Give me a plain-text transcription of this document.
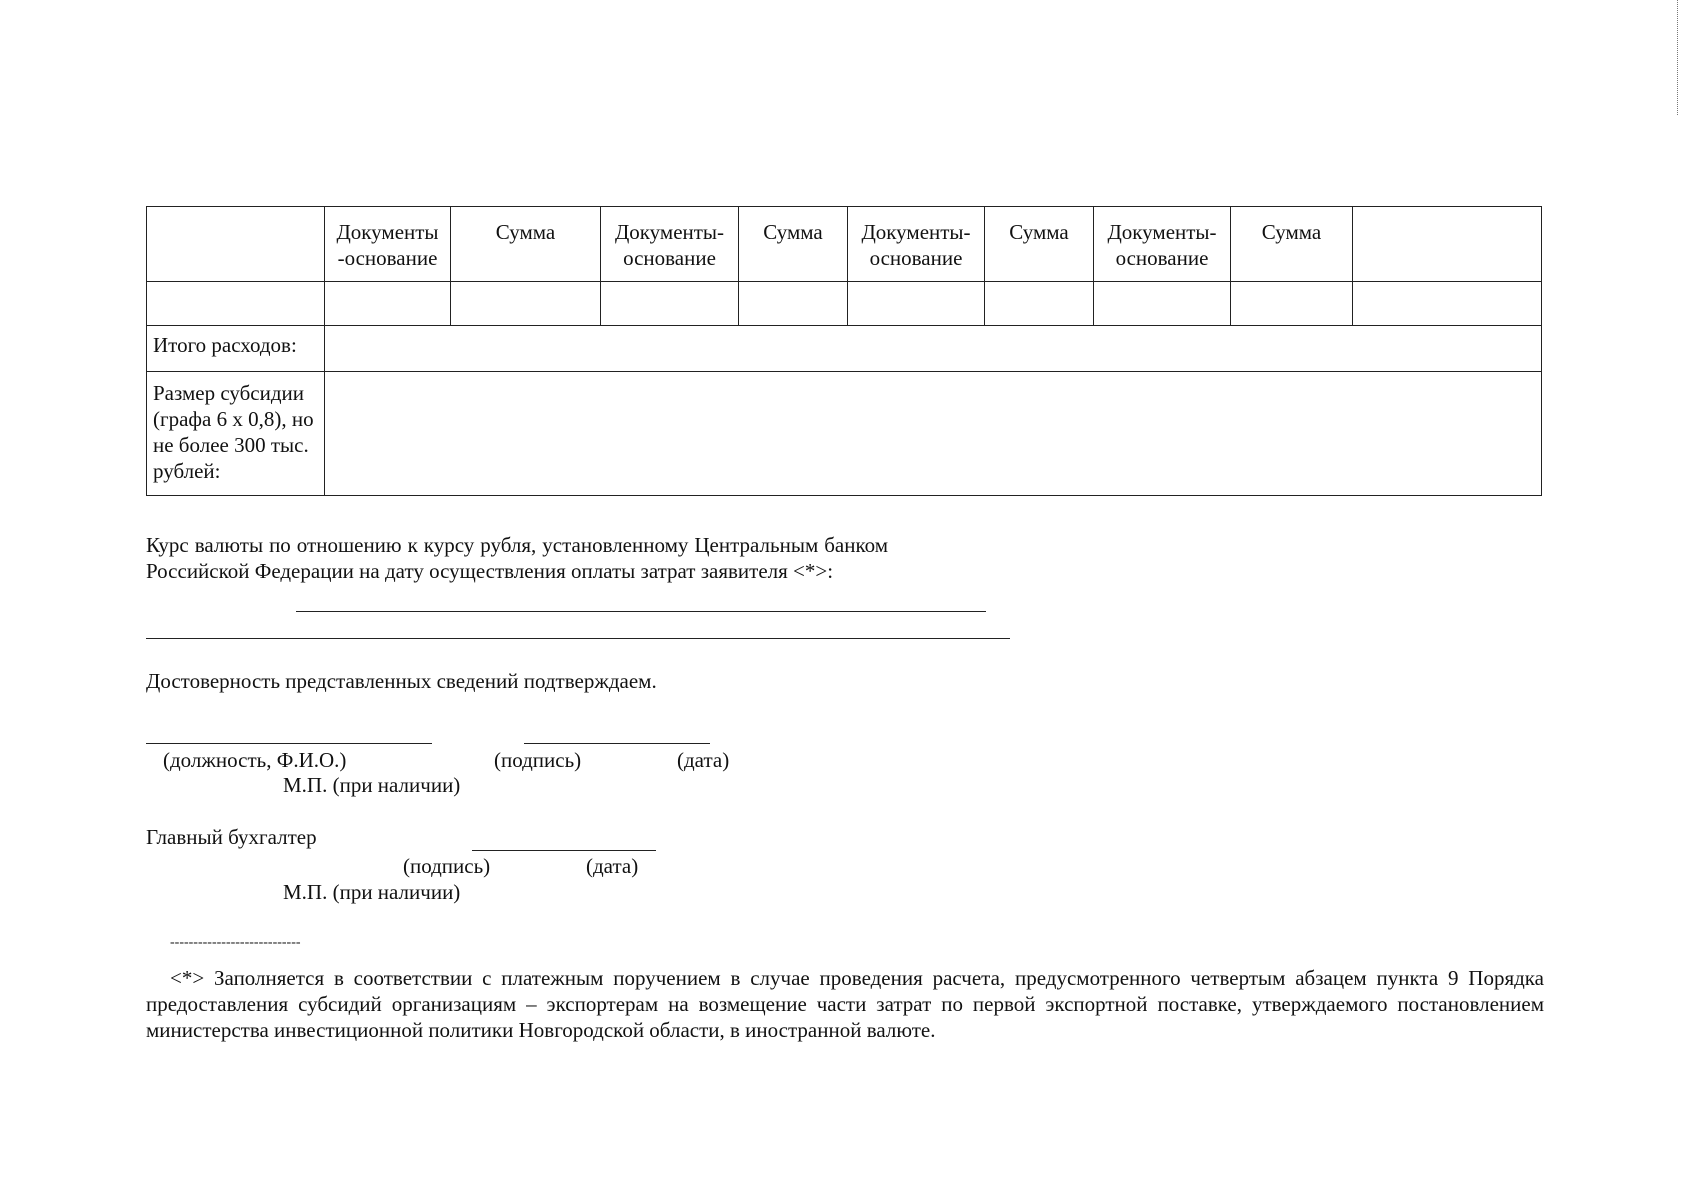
	Документы -основание	Сумма	Документы-основание	Сумма	Документы-основание	Сумма	Документы-основание	Сумма	

Итого расходов:									
Размер субсидии (графа 6 х 0,8), но не более 300 тыс. рублей:									
Курс валюты по отношению к курсу рубля, установленному Центральным банком Российской Федерации на дату осуществления оплаты затрат заявителя <*>:
Достоверность представленных сведений подтверждаем.
(должность, Ф.И.О.)	(подпись)	(дата)
М.П. (при наличии)
Главный бухгалтер
(подпись)	(дата)
М.П. (при наличии)
----------------------------
<*> Заполняется в соответствии с платежным поручением в случае проведения расчета, предусмотренного четвертым абзацем пункта 9 Порядка предоставления субсидий организациям – экспортерам на возмещение части затрат по первой экспортной поставке, утверждаемого постановлением министерства инвестиционной политики Новгородской области, в иностранной валюте.
